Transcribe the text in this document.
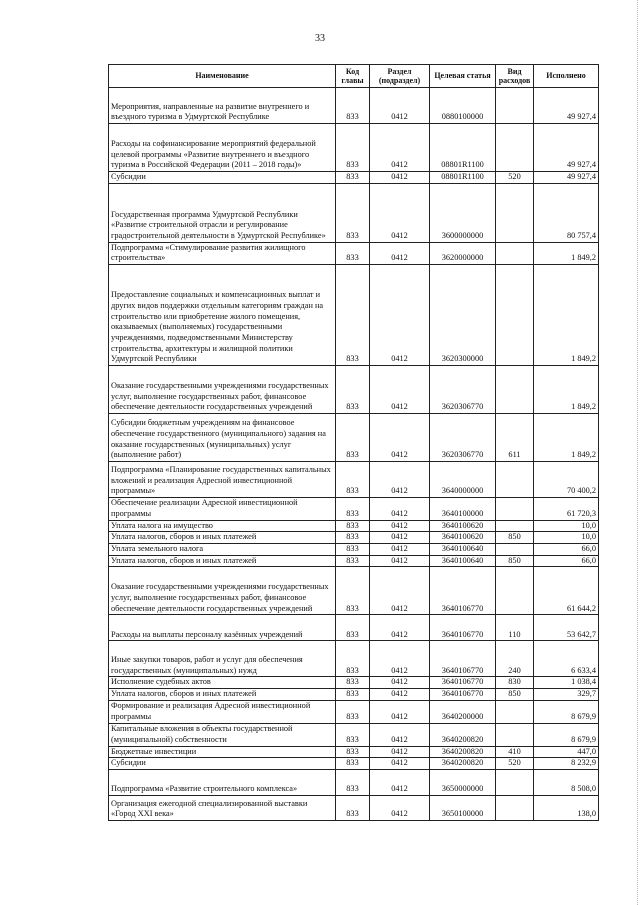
33
Наименование	Код главы	Раздел (подраздел)	Целевая статья	Вид расходов	Исполнено
Мероприятия, направленные на развитие внутреннего и въездного туризма в Удмуртской Республике	833	0412	0880100000		49 927,4
Расходы на софинансирование мероприятий федеральной целевой программы «Развитие внутреннего и въездного туризма в Российской Федерации (2011 – 2018 годы)»	833	0412	08801R1100		49 927,4
Субсидии	833	0412	08801R1100	520	49 927,4
Государственная программа Удмуртской Республики «Развитие строительной отрасли и регулирование градостроительной деятельности в Удмуртской Республике»	833	0412	3600000000		80 757,4
Подпрограмма «Стимулирование развития жилищного строительства»	833	0412	3620000000		1 849,2
Предоставление социальных и компенсационных выплат и других видов поддержки отдельным категориям граждан на строительство или приобретение жилого помещения, оказываемых (выполняемых) государственными учреждениями, подведомственными Министерству строительства, архитектуры и жилищной политики Удмуртской Республики	833	0412	3620300000		1 849,2
Оказание государственными учреждениями государственных услуг, выполнение государственных работ, финансовое обеспечение деятельности государственных учреждений	833	0412	3620306770		1 849,2
Субсидии бюджетным учреждениям на финансовое обеспечение государственного (муниципального) задания на оказание государственных (муниципальных) услуг (выполнение работ)	833	0412	3620306770	611	1 849,2
Подпрограмма «Планирование государственных капитальных вложений и реализация Адресной инвестиционной программы»	833	0412	3640000000		70 400,2
Обеспечение реализации Адресной инвестиционной программы	833	0412	3640100000		61 720,3
Уплата налога на имущество	833	0412	3640100620		10,0
Уплата налогов, сборов и иных платежей	833	0412	3640100620	850	10,0
Уплата земельного налога	833	0412	3640100640		66,0
Уплата налогов, сборов и иных платежей	833	0412	3640100640	850	66,0
Оказание государственными учреждениями государственных услуг, выполнение государственных работ, финансовое обеспечение деятельности государственных учреждений	833	0412	3640106770		61 644,2
Расходы на выплаты персоналу казённых учреждений	833	0412	3640106770	110	53 642,7
Иные закупки товаров, работ и услуг для обеспечения государственных (муниципальных) нужд	833	0412	3640106770	240	6 633,4
Исполнение судебных актов	833	0412	3640106770	830	1 038,4
Уплата налогов, сборов и иных платежей	833	0412	3640106770	850	329,7
Формирование и реализация Адресной инвестиционной программы	833	0412	3640200000		8 679,9
Капитальные вложения в объекты государственной (муниципальной) собственности	833	0412	3640200820		8 679,9
Бюджетные инвестиции	833	0412	3640200820	410	447,0
Субсидии	833	0412	3640200820	520	8 232,9
Подпрограмма «Развитие строительного комплекса»	833	0412	3650000000		8 508,0
Организация ежегодной специализированной выставки «Город XXI века»	833	0412	3650100000		138,0
